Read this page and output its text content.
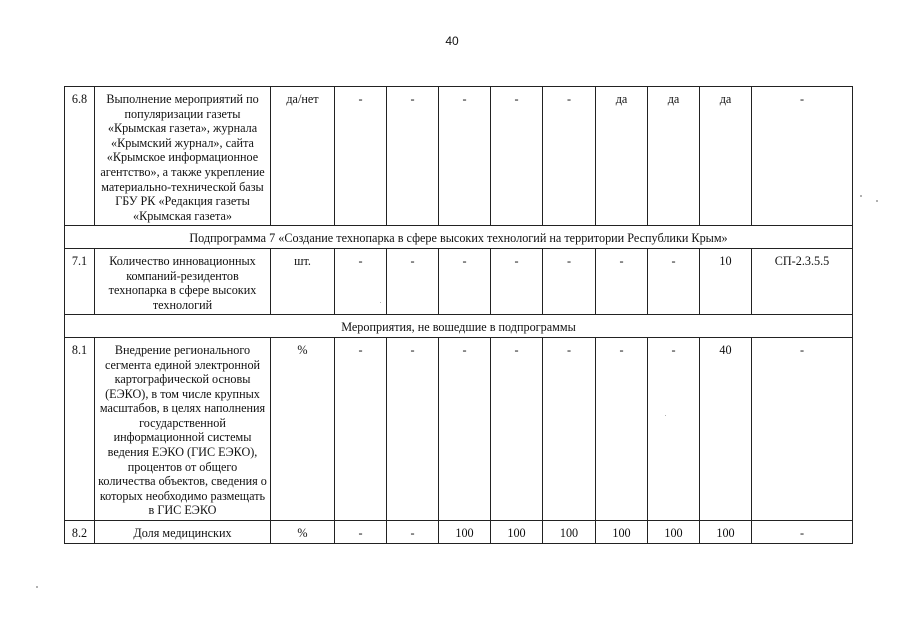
40
6.8	Выполнение мероприятий по популяризации газеты «Крымская газета», журнала «Крымский журнал», сайта «Крымское информационное агентство», а также укрепление материально-технической базы ГБУ РК «Редакция газеты «Крымская газета»	да/нет	-	-	-	-	-	да	да	да	-
Подпрограмма 7 «Создание технопарка в сфере высоких технологий на территории Республики Крым»											
7.1	Количество инновационных компаний-резидентов технопарка в сфере высоких технологий	шт.	-	-	-	-	-	-	-	10	СП-2.3.5.5
Мероприятия, не вошедшие в подпрограммы											
8.1	Внедрение регионального сегмента единой электронной картографической основы (ЕЭКО), в том числе крупных масштабов, в целях наполнения государственной информационной системы ведения ЕЭКО (ГИС ЕЭКО), процентов от общего количества объектов, сведения о которых необходимо размещать в ГИС ЕЭКО	%	-	-	-	-	-	-	-	40	-
8.2	Доля медицинских	%	-	-	100	100	100	100	100	100	-
